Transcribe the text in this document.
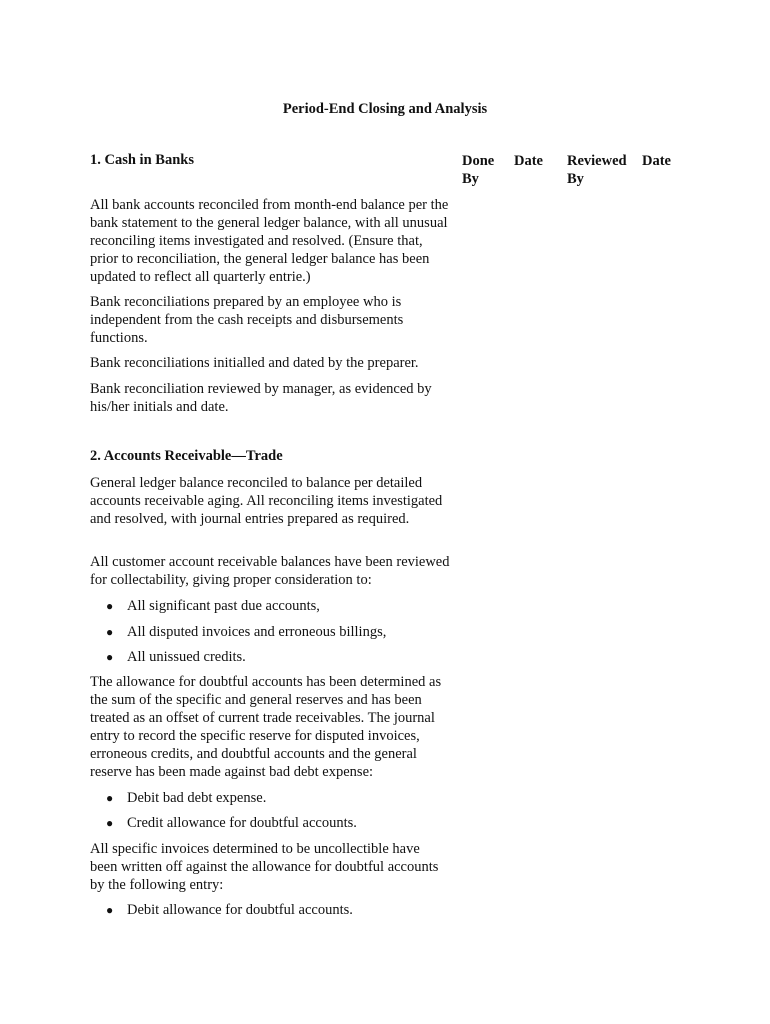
Period-End Closing and Analysis
1. Cash in Banks	Done By
Date Reviewed By
Date

All bank accounts reconciled from month-end balance per the bank statement to the general ledger balance, with all unusual reconciling items investigated and resolved. (Ensure that, prior to reconciliation, the general ledger balance has been updated to reflect all quarterly entrie.)

Bank reconciliations prepared by an employee who is independent from the cash receipts and disbursements functions.

Bank reconciliations initialled and dated by the preparer.

Bank reconciliation reviewed by manager, as evidenced by his/her initials and date.

2. Accounts Receivable—Trade

General ledger balance reconciled to balance per detailed accounts receivable aging. All reconciling items investigated and resolved, with journal entries prepared as required.

All customer account receivable balances have been reviewed for collectability, giving proper consideration to:

● All significant past due accounts,
● All disputed invoices and erroneous billings,
● All unissued credits.

The allowance for doubtful accounts has been determined as the sum of the specific and general reserves and has been treated as an offset of current trade receivables. The journal entry to record the specific reserve for disputed invoices, erroneous credits, and doubtful accounts and the general reserve has been made against bad debt expense:

● Debit bad debt expense.
● Credit allowance for doubtful accounts.

All specific invoices determined to be uncollectible have been written off against the allowance for doubtful accounts by the following entry:

● Debit allowance for doubtful accounts.
